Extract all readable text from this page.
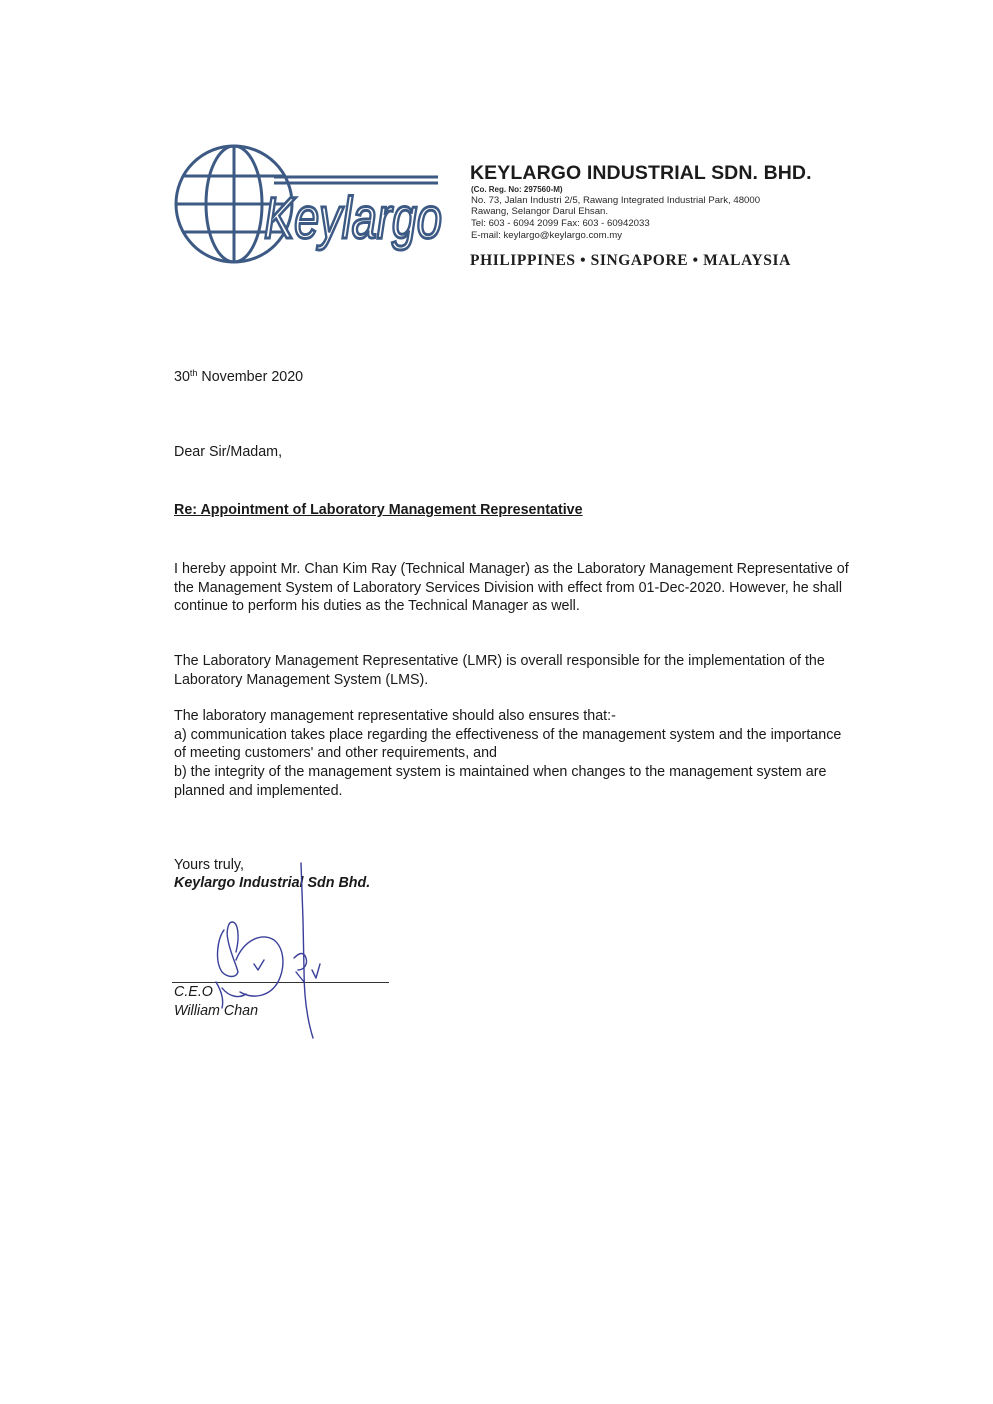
Keylargo
KEYLARGO INDUSTRIAL SDN. BHD.
(Co. Reg. No: 297560-M)
No. 73, Jalan Industri 2/5, Rawang Integrated Industrial Park, 48000
Rawang, Selangor Darul Ehsan.
Tel: 603 - 6094 2099 Fax: 603 - 60942033
E-mail: keylargo@keylargo.com.my
PHILIPPINES • SINGAPORE • MALAYSIA
30th November 2020
Dear Sir/Madam,
Re: Appointment of Laboratory Management Representative
I hereby appoint Mr. Chan Kim Ray (Technical Manager) as the Laboratory Management Representative of the Management System of Laboratory Services Division with effect from 01-Dec-2020. However, he shall continue to perform his duties as the Technical Manager as well.
The Laboratory Management Representative (LMR) is overall responsible for the implementation of the Laboratory Management System (LMS).
The laboratory management representative should also ensures that:-
a) communication takes place regarding the effectiveness of the management system and the importance of meeting customers' and other requirements, and
b) the integrity of the management system is maintained when changes to the management system are planned and implemented.
Yours truly,
Keylargo Industrial Sdn Bhd.
C.E.O
William Chan
